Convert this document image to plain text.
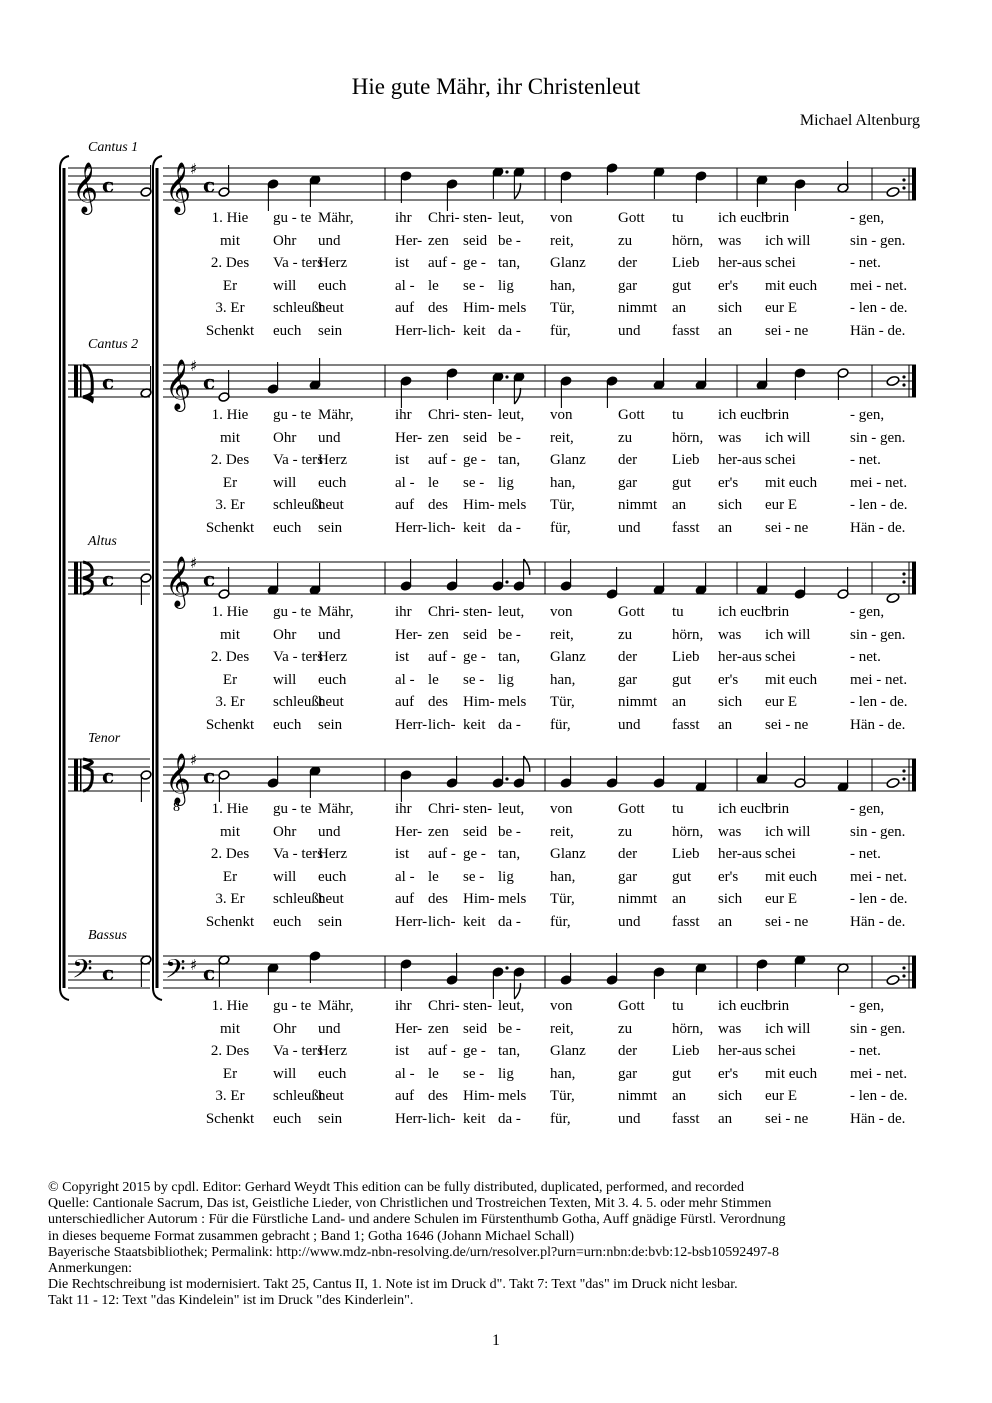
Hie gute Mähr, ihr Christenleut
Michael Altenburg
𝄞 c 𝄞
♯
c
c 𝄞
♯
c
c 𝄞
♯
c
c 𝄞
♯
c
8
𝄢 c 𝄢 ♯ c
Cantus 1
Cantus 2
Altus
Tenor
Bassus
1. Hie gu - te Mähr,	ihr Chri- sten- leut, von	Gott tu ich euch
brin	- gen,
mit Ohr und	Her- zen seid be - reit,	zu	hörn, was ich will	sin - gen.
2. Des Va - ters
Herz	ist auf - ge - tan, Glanz der Lieb her-aus schei	- net.
Er will euch	al - le se - lig han,	gar gut er's mit euch mei - net.
3. Er schleußt
heut	auf des Him- mels Tür,	nimmt an sich eur E	- len - de.
Schenkt euch sein	Herr- lich- keit da - für,	und fasst an sei - ne	Hän - de.
1. Hie gu - te Mähr,	ihr Chri- sten- leut, von	Gott tu ich euch
brin	- gen,
mit Ohr und	Her- zen seid be - reit,	zu	hörn, was ich will	sin - gen.
2. Des Va - ters
Herz	ist auf - ge - tan, Glanz der Lieb her-aus schei	- net.
Er will euch	al - le se - lig han,	gar gut er's mit euch mei - net.
3. Er schleußt
heut	auf des Him- mels Tür,	nimmt an sich eur E	- len - de.
Schenkt euch sein	Herr- lich- keit da - für,	und fasst an sei - ne	Hän - de.
1. Hie gu - te Mähr,	ihr Chri- sten- leut, von	Gott tu ich euch
brin	- gen,
mit Ohr und	Her- zen seid be - reit,	zu	hörn, was ich will	sin - gen.
2. Des Va - ters
Herz	ist auf - ge - tan, Glanz der Lieb her-aus schei	- net.
Er will euch	al - le se - lig han,	gar gut er's mit euch mei - net.
3. Er schleußt
heut	auf des Him- mels Tür,	nimmt an sich eur E	- len - de.
Schenkt euch sein	Herr- lich- keit da - für,	und fasst an sei - ne	Hän - de.
1. Hie gu - te Mähr,	ihr Chri- sten- leut, von	Gott tu ich euch
brin	- gen,
mit Ohr und	Her- zen seid be - reit,	zu	hörn, was ich will	sin - gen.
2. Des Va - ters
Herz	ist auf - ge - tan, Glanz der Lieb her-aus schei	- net.
Er will euch	al - le se - lig han,	gar gut er's mit euch mei - net.
3. Er schleußt
heut	auf des Him- mels Tür,	nimmt an sich eur E	- len - de.
Schenkt euch sein	Herr- lich- keit da - für,	und fasst an sei - ne	Hän - de.
1. Hie gu - te Mähr,	ihr Chri- sten- leut, von	Gott tu ich euch
brin	- gen,
mit Ohr und	Her- zen seid be - reit,	zu	hörn, was ich will	sin - gen.
2. Des Va - ters
Herz	ist auf - ge - tan, Glanz der Lieb her-aus schei	- net.
Er will euch	al - le se - lig han,	gar gut er's mit euch mei - net.
3. Er schleußt
heut	auf des Him- mels Tür,	nimmt an sich eur E	- len - de.
Schenkt euch sein	Herr- lich- keit da - für,	und fasst an sei - ne	Hän - de.
© Copyright 2015 by cpdl. Editor: Gerhard Weydt This edition can be fully distributed, duplicated, performed, and recorded
Quelle: Cantionale Sacrum, Das ist, Geistliche Lieder, von Christlichen und Trostreichen Texten, Mit 3. 4. 5. oder mehr Stimmen
unterschiedlicher Autorum : Für die Fürstliche Land- und andere Schulen im Fürstenthumb Gotha, Auff gnädige Fürstl. Verordnung
in dieses bequeme Format zusammen gebracht ; Band 1; Gotha 1646 (Johann Michael Schall)
Bayerische Staatsbibliothek; Permalink: http://www.mdz-nbn-resolving.de/urn/resolver.pl?urn=urn:nbn:de:bvb:12-bsb10592497-8
Anmerkungen:
Die Rechtschreibung ist modernisiert. Takt 25, Cantus II, 1. Note ist im Druck d". Takt 7: Text "das" im Druck nicht lesbar.
Takt 11 - 12: Text "das Kindelein" ist im Druck "des Kinderlein".
1
